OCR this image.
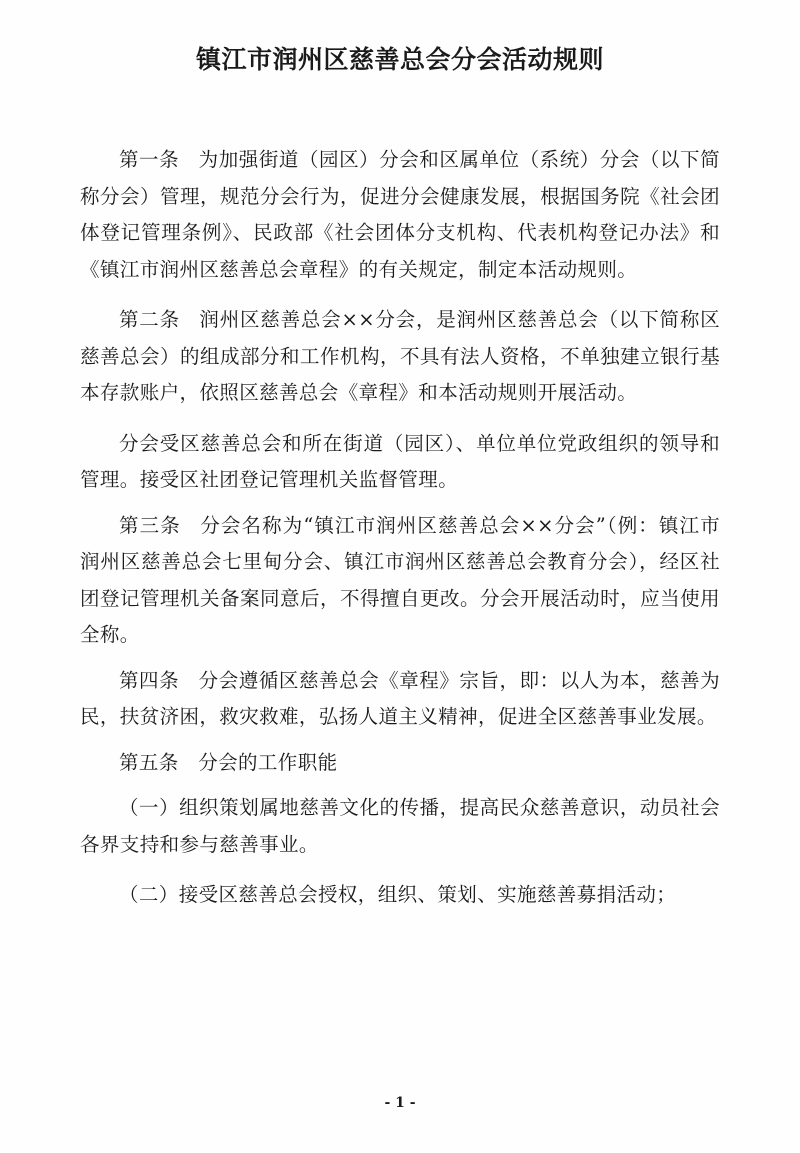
镇江市润州区慈善总会分会活动规则

第一条 为加强街道（园区）分会和区属单位（系统）分会（以下简称分会）管理，规范分会行为，促进分会健康发展，根据国务院《社会团体登记管理条例》、民政部《社会团体分支机构、代表机构登记办法》和《镇江市润州区慈善总会章程》的有关规定，制定本活动规则。

第二条 润州区慈善总会××分会，是润州区慈善总会（以下简称区慈善总会）的组成部分和工作机构，不具有法人资格，不单独建立银行基本存款账户，依照区慈善总会《章程》和本活动规则开展活动。

分会受区慈善总会和所在街道（园区）、单位单位党政组织的领导和管理。接受区社团登记管理机关监督管理。

第三条 分会名称为“镇江市润州区慈善总会××分会”（例：镇江市润州区慈善总会七里甸分会、镇江市润州区慈善总会教育分会），经区社团登记管理机关备案同意后，不得擅自更改。分会开展活动时，应当使用全称。

第四条 分会遵循区慈善总会《章程》宗旨，即：以人为本，慈善为民，扶贫济困，救灾救难，弘扬人道主义精神，促进全区慈善事业发展。

第五条 分会的工作职能

（一）组织策划属地慈善文化的传播，提高民众慈善意识，动员社会各界支持和参与慈善事业。

（二）接受区慈善总会授权，组织、策划、实施慈善募捐活动；

- 1 -
